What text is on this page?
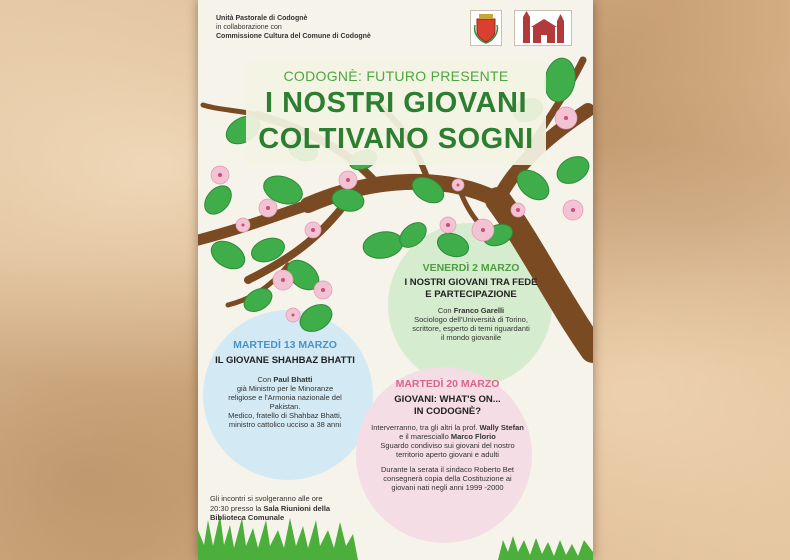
Unità Pastorale di Codognè
in collaborazione con
Commissione Cultura del Comune di Codognè
CODOGNÈ: FUTURO PRESENTE
I NOSTRI GIOVANI
COLTIVANO SOGNI
VENERDÌ 2 MARZO
I NOSTRI GIOVANI TRA FEDE
E PARTECIPAZIONE
Con Franco Garelli
Sociologo dell'Università di Torino,
scrittore, esperto di temi riguardanti
il mondo giovanile
MARTEDÌ 13 MARZO
IL GIOVANE SHAHBAZ BHATTI
Con Paul Bhatti
già Ministro per le Minoranze
religiose e l'Armonia nazionale del
Pakistan.
Medico, fratello di Shahbaz Bhatti,
ministro cattolico ucciso a 38 anni
MARTEDÌ 20 MARZO
GIOVANI: WHAT'S ON...
IN CODOGNÈ?
Interverranno, tra gli altri la prof. Wally Stefan
e il maresciallo Marco Florio
Sguardo condiviso sui giovani del nostro
territorio aperto giovani e adulti
Durante la serata il sindaco Roberto Bet
consegnerà copia della Costituzione ai
giovani nati negli anni 1999 -2000
Gli incontri si svolgeranno alle ore
20:30 presso la Sala Riunioni della
Biblioteca Comunale
